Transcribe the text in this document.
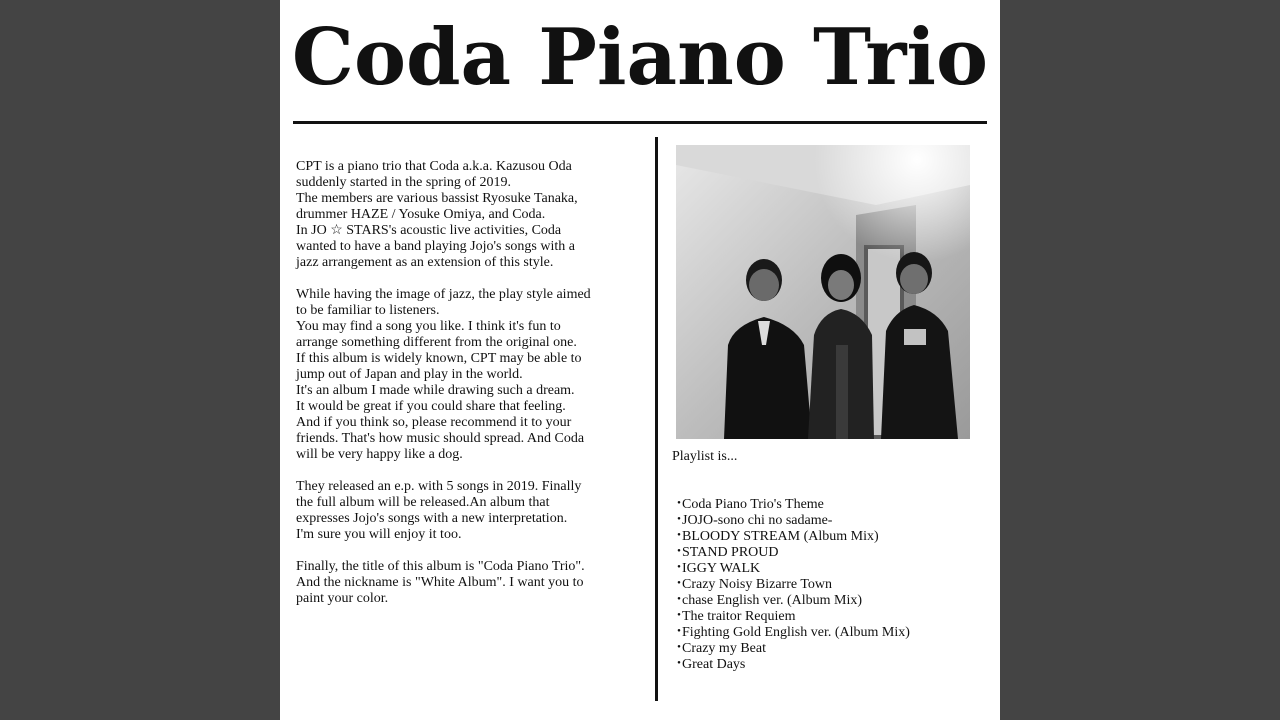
Coda Piano Trio

CPT is a piano trio that Coda a.k.a. Kazusou Oda
suddenly started in the spring of 2019.
The members are various bassist Ryosuke Tanaka,
drummer HAZE / Yosuke Omiya, and Coda.
In JO ☆ STARS's acoustic live activities, Coda
wanted to have a band playing Jojo's songs with a
jazz arrangement as an extension of this style.

While having the image of jazz, the play style aimed
to be familiar to listeners.
You may find a song you like. I think it's fun to
arrange something different from the original one.
If this album is widely known, CPT may be able to
jump out of Japan and play in the world.
It's an album I made while drawing such a dream.
It would be great if you could share that feeling.
And if you think so, please recommend it to your
friends. That's how music should spread. And Coda
will be very happy like a dog.

They released an e.p. with 5 songs in 2019. Finally
the full album will be released.An album that
expresses Jojo's songs with a new interpretation.
I'm sure you will enjoy it too.

Finally, the title of this album is "Coda Piano Trio".
And the nickname is "White Album". I want you to
paint your color.

Playlist is...

・Coda Piano Trio's Theme
・JOJO-sono chi no sadame-
・BLOODY STREAM (Album Mix)
・STAND PROUD
・IGGY WALK
・Crazy Noisy Bizarre Town
・chase English ver. (Album Mix)
・The traitor Requiem
・Fighting Gold English ver. (Album Mix)
・Crazy my Beat
・Great Days
